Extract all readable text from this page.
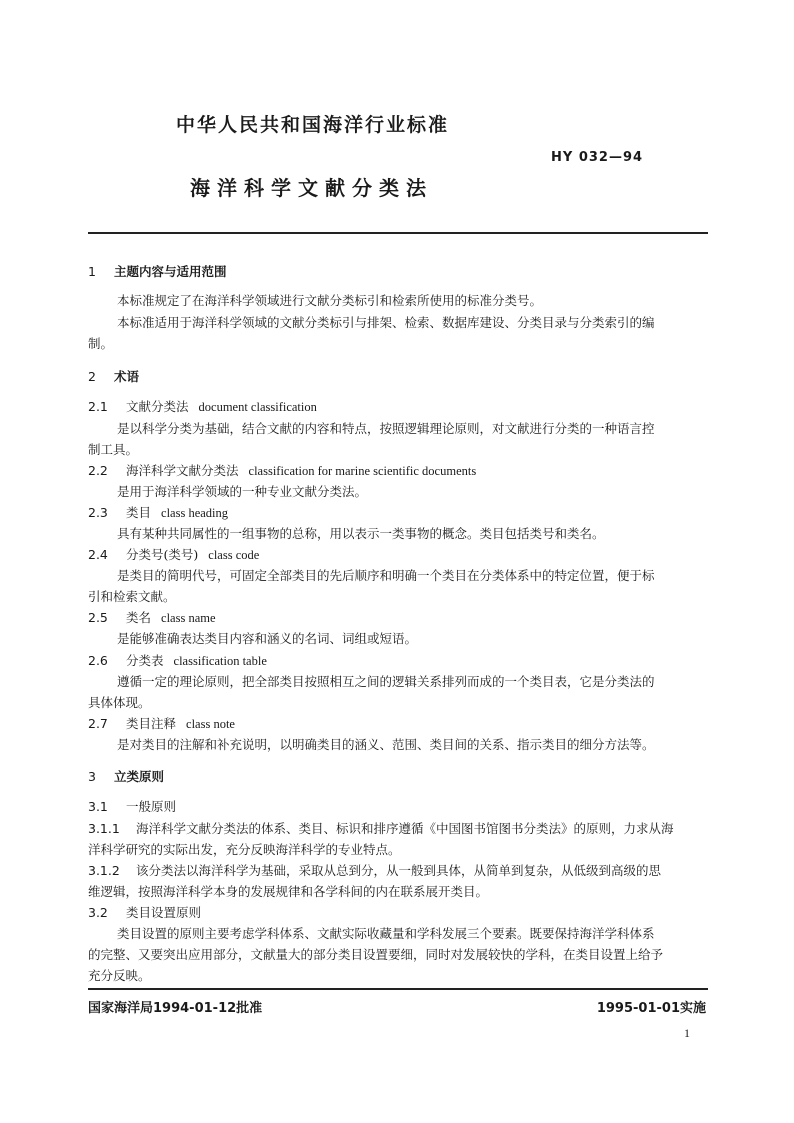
中华人民共和国海洋行业标准
HY 032—94
海洋科学文献分类法
1 主题内容与适用范围
本标准规定了在海洋科学领域进行文献分类标引和检索所使用的标准分类号。
本标准适用于海洋科学领域的文献分类标引与排架、检索、数据库建设、分类目录与分类索引的编
制。
2 术语
2.1 文献分类法 document classification
是以科学分类为基础，结合文献的内容和特点，按照逻辑理论原则，对文献进行分类的一种语言控
制工具。
2.2 海洋科学文献分类法 classification for marine scientific documents
是用于海洋科学领域的一种专业文献分类法。
2.3 类目 class heading
具有某种共同属性的一组事物的总称，用以表示一类事物的概念。类目包括类号和类名。
2.4 分类号(类号) class code
是类目的简明代号，可固定全部类目的先后顺序和明确一个类目在分类体系中的特定位置，便于标
引和检索文献。
2.5 类名 class name
是能够准确表达类目内容和涵义的名词、词组或短语。
2.6 分类表 classification table
遵循一定的理论原则，把全部类目按照相互之间的逻辑关系排列而成的一个类目表，它是分类法的
具体体现。
2.7 类目注释 class note
是对类目的注解和补充说明，以明确类目的涵义、范围、类目间的关系、指示类目的细分方法等。
3 立类原则
3.1 一般原则
3.1.1 海洋科学文献分类法的体系、类目、标识和排序遵循《中国图书馆图书分类法》的原则，力求从海
洋科学研究的实际出发，充分反映海洋科学的专业特点。
3.1.2 该分类法以海洋科学为基础，采取从总到分，从一般到具体，从简单到复杂，从低级到高级的思
维逻辑，按照海洋科学本身的发展规律和各学科间的内在联系展开类目。
3.2 类目设置原则
类目设置的原则主要考虑学科体系、文献实际收藏量和学科发展三个要素。既要保持海洋学科体系
的完整、又要突出应用部分，文献量大的部分类目设置要细，同时对发展较快的学科，在类目设置上给予
充分反映。
国家海洋局1994-01-12批准	1995-01-01实施
1
